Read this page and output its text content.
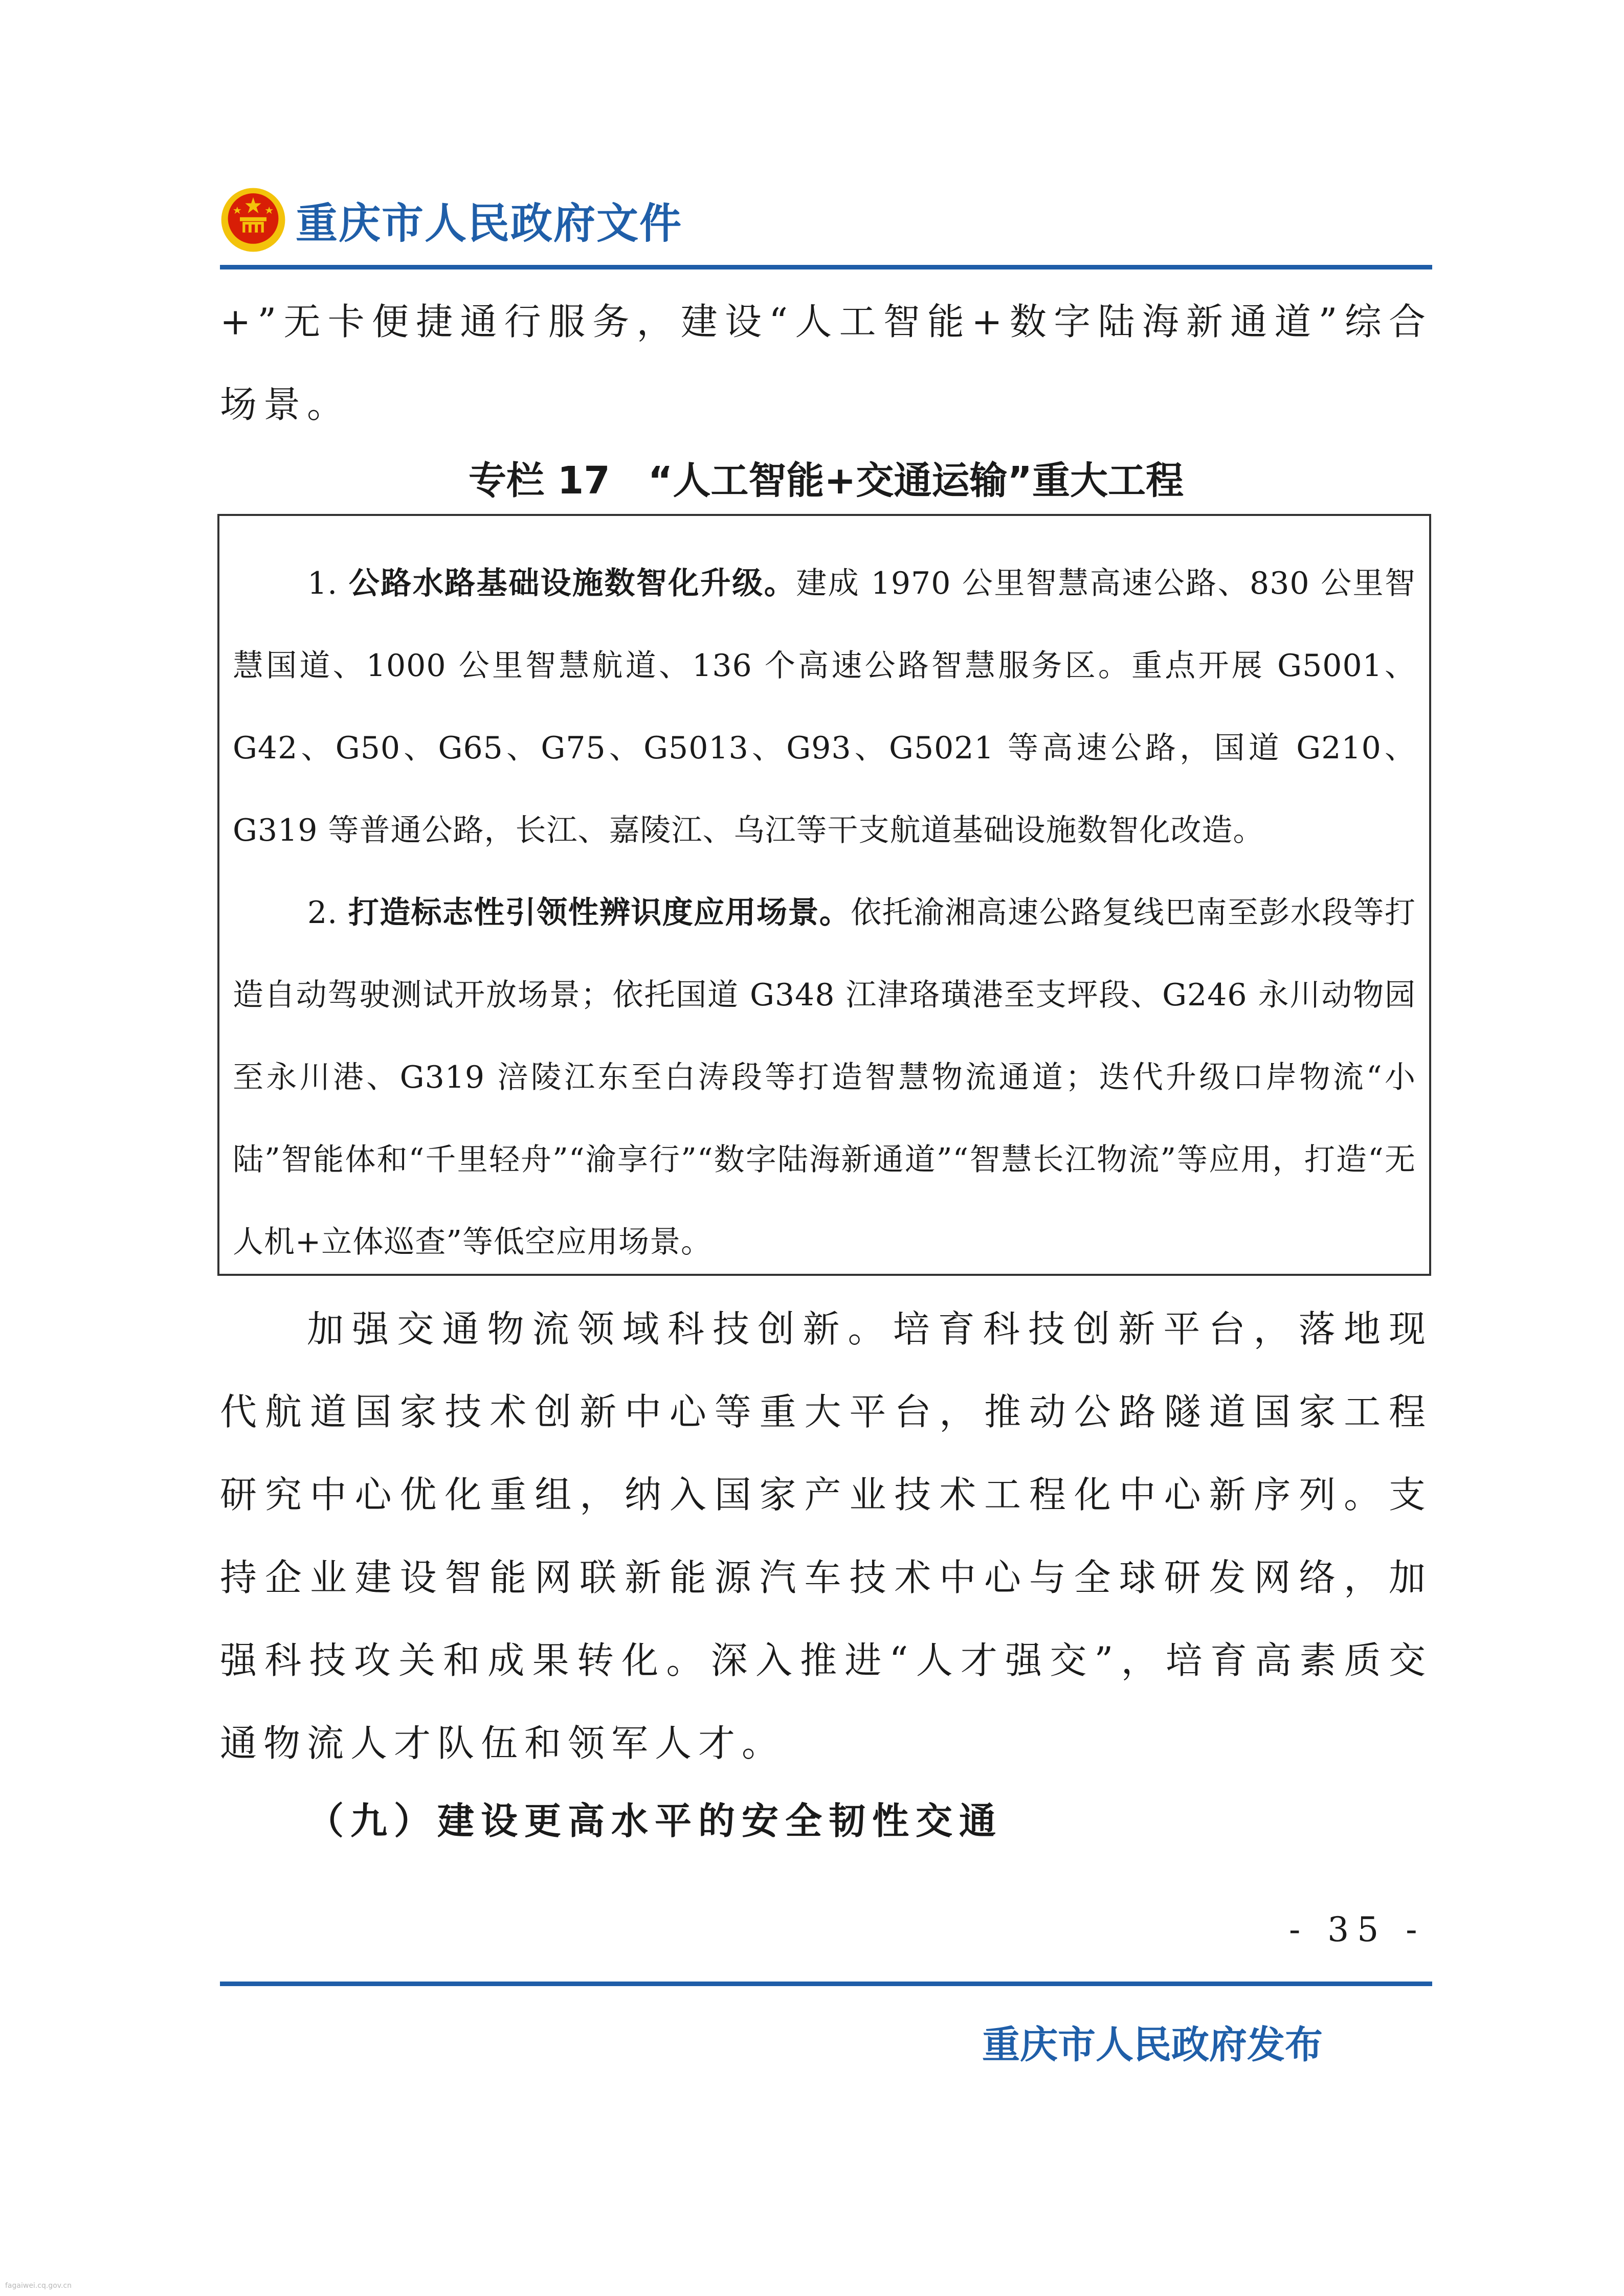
重庆市人民政府文件
+”无卡便捷通行服务，建设“人工智能+数字陆海新通道”综合场景。
专栏 17　“人工智能+交通运输”重大工程

1. 公路水路基础设施数智化升级。建成 1970 公里智慧高速公路、830 公里智慧国道、1000 公里智慧航道、136 个高速公路智慧服务区。重点开展 G5001、G42、G50、G65、G75、G5013、G93、G5021 等高速公路，国道 G210、G319 等普通公路，长江、嘉陵江、乌江等干支航道基础设施数智化改造。

2. 打造标志性引领性辨识度应用场景。依托渝湘高速公路复线巴南至彭水段等打造自动驾驶测试开放场景；依托国道 G348 江津珞璜港至支坪段、G246 永川动物园至永川港、G319 涪陵江东至白涛段等打造智慧物流通道；迭代升级口岸物流“小陆”智能体和“千里轻舟”“渝享行”“数字陆海新通道”“智慧长江物流”等应用，打造“无人机+立体巡查”等低空应用场景。

加强交通物流领域科技创新。培育科技创新平台，落地现代航道国家技术创新中心等重大平台，推动公路隧道国家工程研究中心优化重组，纳入国家产业技术工程化中心新序列。支持企业建设智能网联新能源汽车技术中心与全球研发网络，加强科技攻关和成果转化。深入推进“人才强交”，培育高素质交通物流人才队伍和领军人才。
（九）建设更高水平的安全韧性交通
- 35 -
重庆市人民政府发布
fagaiwei.cq.gov.cn
